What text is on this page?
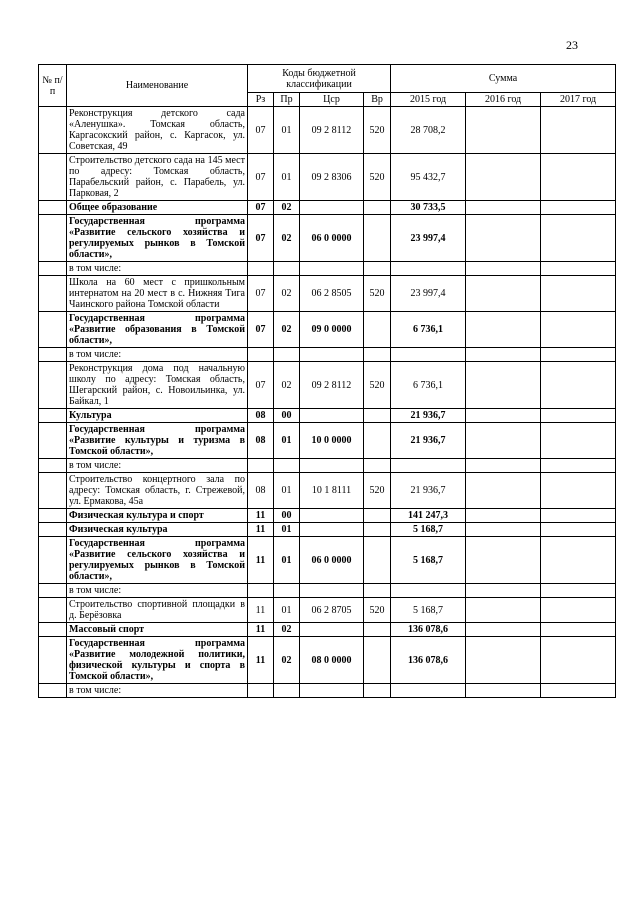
23
№ п/п	Наименование	Коды бюджетной классификации				Сумма		
		Рз	Пр	Цср	Вр	2015 год	2016 год	2017 год
	Реконструкция детского сада «Аленушка». Томская область, Каргасокский район, с. Каргасок, ул. Советская, 49	07	01	09 2 8112	520	28 708,2		
	Строительство детского сада на 145 мест по адресу: Томская область, Парабельский район, с. Парабель, ул. Парковая, 2	07	01	09 2 8306	520	95 432,7		
	Общее образование	07	02			30 733,5		
	Государственная программа «Развитие сельского хозяйства и регулируемых рынков в Томской области»,	07	02	06 0 0000		23 997,4		
	в том числе:							
	Школа на 60 мест с пришкольным интернатом на 20 мест в с. Нижняя Тига Чаинского района Томской области	07	02	06 2 8505	520	23 997,4		
	Государственная программа «Развитие образования в Томской области»,	07	02	09 0 0000		6 736,1		
	в том числе:							
	Реконструкция дома под начальную школу по адресу: Томская область, Шегарский район, с. Новоильинка, ул. Байкал, 1	07	02	09 2 8112	520	6 736,1		
	Культура	08	00			21 936,7		
	Государственная программа «Развитие культуры и туризма в Томской области»,	08	01	10 0 0000		21 936,7		
	в том числе:							
	Строительство концертного зала по адресу: Томская область, г. Стрежевой, ул. Ермакова, 45а	08	01	10 1 8111	520	21 936,7		
	Физическая культура и спорт	11	00			141 247,3		
	Физическая культура	11	01			5 168,7		
	Государственная программа «Развитие сельского хозяйства и регулируемых рынков в Томской области»,	11	01	06 0 0000		5 168,7		
	в том числе:							
	Строительство спортивной площадки в д. Берёзовка	11	01	06 2 8705	520	5 168,7		
	Массовый спорт	11	02			136 078,6		
	Государственная программа «Развитие молодежной политики, физической культуры и спорта в Томской области»,	11	02	08 0 0000		136 078,6		
	в том числе:							
